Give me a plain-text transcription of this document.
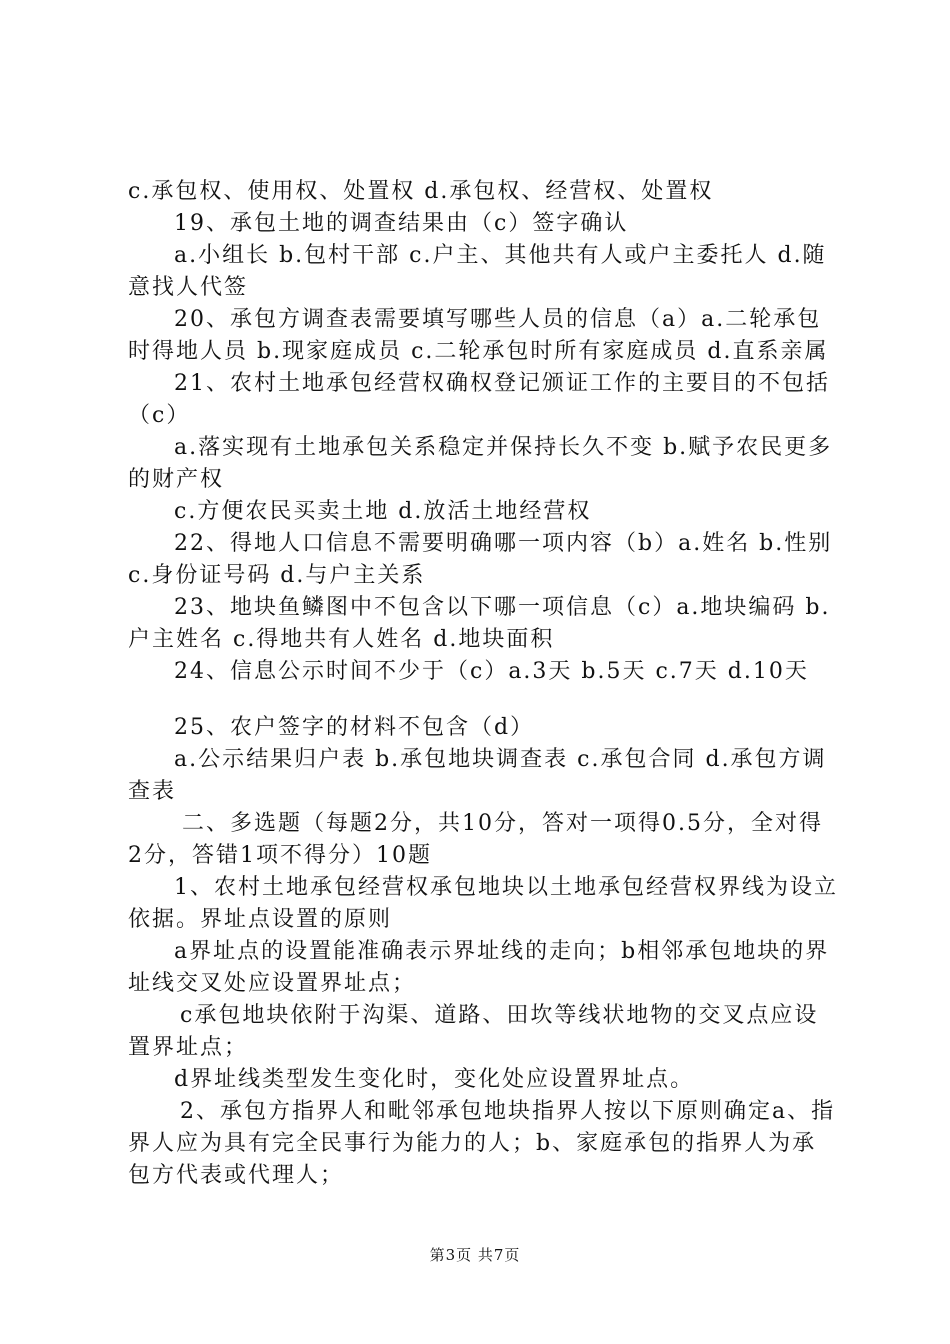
c.承包权、使用权、处置权 d.承包权、经营权、处置权

19、承包土地的调查结果由（c）签字确认

a.小组长 b.包村干部 c.户主、其他共有人或户主委托人 d.随意找人代签

20、承包方调查表需要填写哪些人员的信息（a）a.二轮承包时得地人员 b.现家庭成员 c.二轮承包时所有家庭成员 d.直系亲属

21、农村土地承包经营权确权登记颁证工作的主要目的不包括（c）

a.落实现有土地承包关系稳定并保持长久不变 b.赋予农民更多的财产权

c.方便农民买卖土地 d.放活土地经营权

22、得地人口信息不需要明确哪一项内容（b）a.姓名 b.性别 c.身份证号码 d.与户主关系

23、地块鱼鳞图中不包含以下哪一项信息（c）a.地块编码 b.户主姓名 c.得地共有人姓名 d.地块面积

24、信息公示时间不少于（c）a.3天 b.5天 c.7天 d.10天

25、农户签字的材料不包含（d）

a.公示结果归户表 b.承包地块调查表 c.承包合同 d.承包方调查表

二、多选题（每题2分，共10分，答对一项得0.5分，全对得2分，答错1项不得分）10题

1、农村土地承包经营权承包地块以土地承包经营权界线为设立依据。界址点设置的原则

a界址点的设置能准确表示界址线的走向；b相邻承包地块的界址线交叉处应设置界址点；

c承包地块依附于沟渠、道路、田坎等线状地物的交叉点应设置界址点；

d界址线类型发生变化时，变化处应设置界址点。

2、承包方指界人和毗邻承包地块指界人按以下原则确定a、指界人应为具有完全民事行为能力的人；b、家庭承包的指界人为承包方代表或代理人；

第3页 共7页
